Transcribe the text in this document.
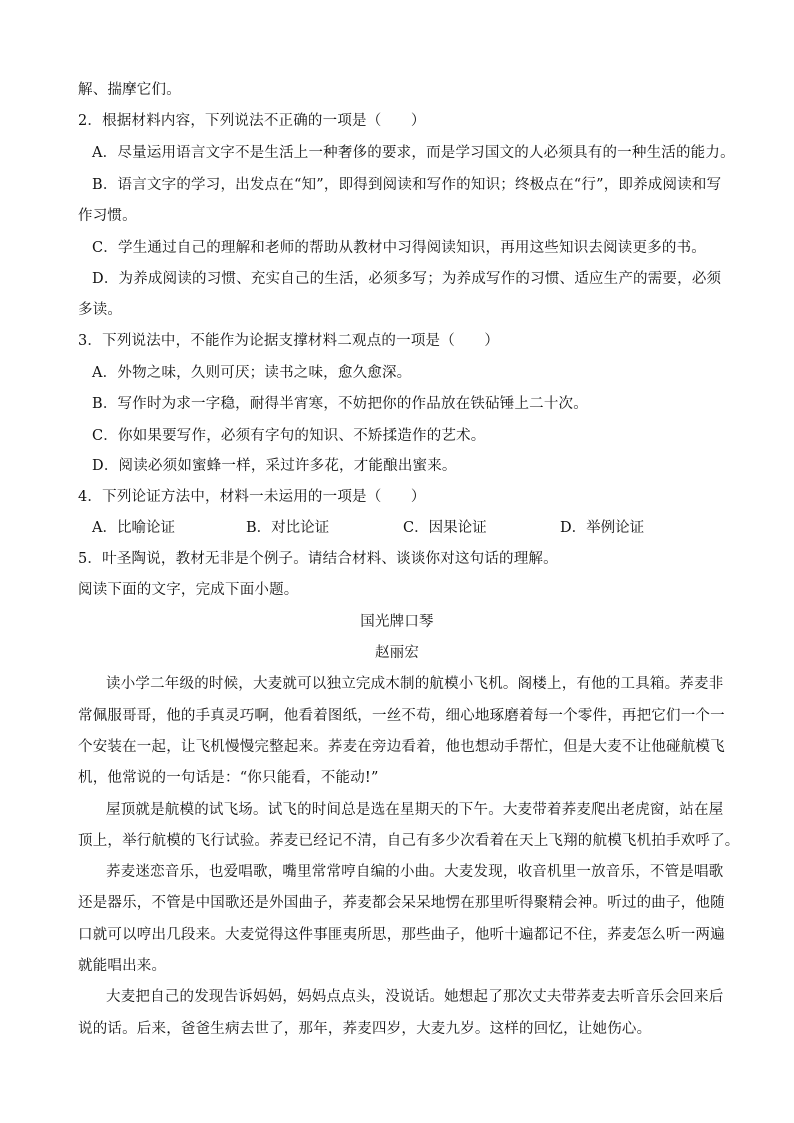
解、揣摩它们。
2．根据材料内容，下列说法不正确的一项是（　　）
A．尽量运用语言文字不是生活上一种奢侈的要求，而是学习国文的人必须具有的一种生活的能力。
B．语言文字的学习，出发点在“知”，即得到阅读和写作的知识；终极点在“行”，即养成阅读和写
作习惯。
C．学生通过自己的理解和老师的帮助从教材中习得阅读知识，再用这些知识去阅读更多的书。
D．为养成阅读的习惯、充实自己的生活，必须多写；为养成写作的习惯、适应生产的需要，必须
多读。
3．下列说法中，不能作为论据支撑材料二观点的一项是（　　）
A．外物之味，久则可厌；读书之味，愈久愈深。
B．写作时为求一字稳，耐得半宵寒，不妨把你的作品放在铁砧锤上二十次。
C．你如果要写作，必须有字句的知识、不矫揉造作的艺术。
D．阅读必须如蜜蜂一样，采过许多花，才能酿出蜜来。
4．下列论证方法中，材料一未运用的一项是（　　）
A．比喻论证	B．对比论证	C．因果论证	D．举例论证
5．叶圣陶说，教材无非是个例子。请结合材料、谈谈你对这句话的理解。
阅读下面的文字，完成下面小题。
国光牌口琴
赵丽宏
读小学二年级的时候，大麦就可以独立完成木制的航模小飞机。阁楼上，有他的工具箱。荞麦非
常佩服哥哥，他的手真灵巧啊，他看着图纸，一丝不苟，细心地琢磨着每一个零件，再把它们一个一
个安装在一起，让飞机慢慢完整起来。荞麦在旁边看着，他也想动手帮忙，但是大麦不让他碰航模飞
机，他常说的一句话是：“你只能看，不能动!”
屋顶就是航模的试飞场。试飞的时间总是选在星期天的下午。大麦带着荞麦爬出老虎窗，站在屋
顶上，举行航模的飞行试验。荞麦已经记不清，自己有多少次看着在天上飞翔的航模飞机拍手欢呼了。
荞麦迷恋音乐，也爱唱歌，嘴里常常哼自编的小曲。大麦发现，收音机里一放音乐，不管是唱歌
还是器乐，不管是中国歌还是外国曲子，荞麦都会呆呆地愣在那里听得聚精会神。听过的曲子，他随
口就可以哼出几段来。大麦觉得这件事匪夷所思，那些曲子，他听十遍都记不住，荞麦怎么听一两遍
就能唱出来。
大麦把自己的发现告诉妈妈，妈妈点点头，没说话。她想起了那次丈夫带荞麦去听音乐会回来后
说的话。后来，爸爸生病去世了，那年，荞麦四岁，大麦九岁。这样的回忆，让她伤心。
